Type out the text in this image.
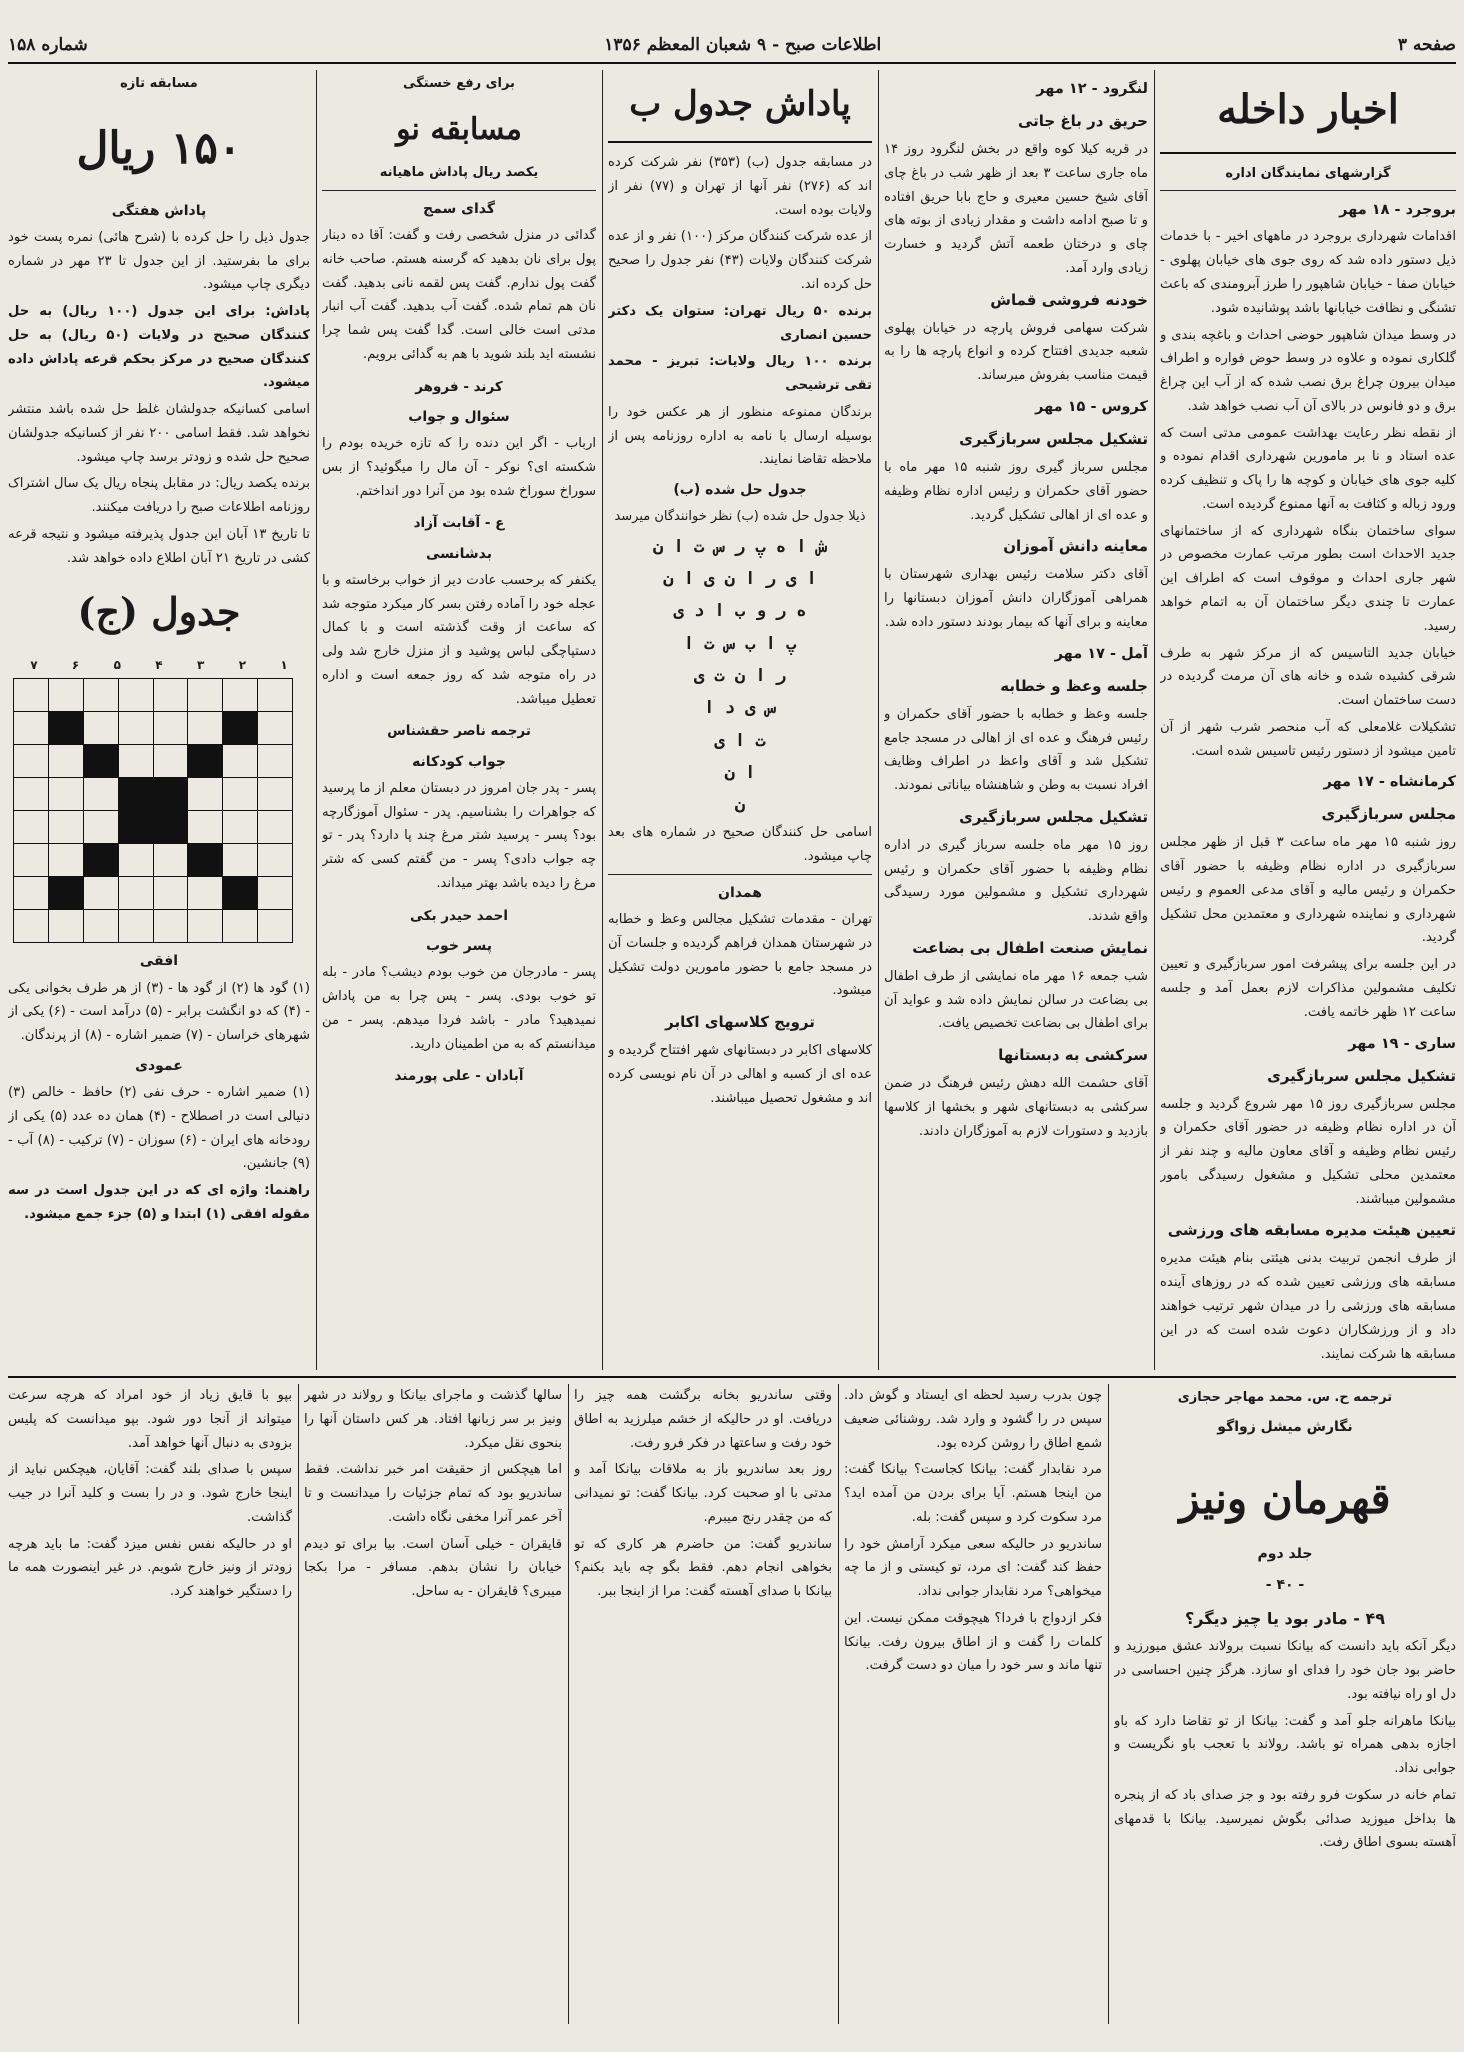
صفحه ۳
اطلاعات صبح - ۹ شعبان المعظم ۱۳۵۶
شماره ۱۵۸
اخبار داخله
گزارشهای نمایندگان اداره
بروجرد - ۱۸ مهر

اقدامات شهرداری بروجرد در ماههای اخیر - با خدمات ذیل دستور داده شد که روی جوی های خیابان پهلوی - خیابان صفا - خیابان شاهپور را طرز آبرومندی که باعث تشنگی و نظافت خیابانها باشد پوشانیده شود.

در وسط میدان شاهپور حوضی احداث و باغچه بندی و گلکاری نموده و علاوه در وسط حوض فواره و اطراف میدان بیرون چراغ برق نصب شده که از آب این چراغ برق و دو فانوس در بالای آن آب نصب خواهد شد.

از نقطه نظر رعایت بهداشت عمومی مدتی است که عده استاد و نا بر مامورین شهرداری اقدام نموده و کلیه جوی های خیابان و کوچه ها را پاک و تنظیف کرده ورود زباله و کثافت به آنها ممنوع گردیده است.

سوای ساختمان بنگاه شهرداری که از ساختمانهای جدید الاحداث است بطور مرتب عمارت مخصوص در شهر جاری احداث و موقوف است که اطراف این عمارت تا چندی دیگر ساختمان آن به اتمام خواهد رسید.

خیابان جدید التاسیس که از مرکز شهر به طرف شرقی کشیده شده و خانه های آن مرمت گردیده در دست ساختمان است.

تشکیلات غلامعلی که آب منحصر شرب شهر از آن تامین میشود از دستور رئیس تاسیس شده است.

کرمانشاه - ۱۷ مهر
مجلس سربازگیری

روز شنبه ۱۵ مهر ماه ساعت ۳ قبل از ظهر مجلس سربازگیری در اداره نظام وظیفه با حضور آقای حکمران و رئیس مالیه و آقای مدعی العموم و رئیس شهرداری و نماینده شهرداری و معتمدین محل تشکیل گردید.

در این جلسه برای پیشرفت امور سربازگیری و تعیین تکلیف مشمولین مذاکرات لازم بعمل آمد و جلسه ساعت ۱۲ ظهر خاتمه یافت.

ساری - ۱۹ مهر
تشکیل مجلس سربازگیری

مجلس سربازگیری روز ۱۵ مهر شروع گردید و جلسه آن در اداره نظام وظیفه در حضور آقای حکمران و رئیس نظام وظیفه و آقای معاون مالیه و چند نفر از معتمدین محلی تشکیل و مشغول رسیدگی بامور مشمولین میباشند.

تعیین هیئت مدیره مسابقه های ورزشی

از طرف انجمن تربیت بدنی هیئتی بنام هیئت مدیره مسابقه های ورزشی تعیین شده که در روزهای آینده مسابقه های ورزشی را در میدان شهر ترتیب خواهند داد و از ورزشکاران دعوت شده است که در این مسابقه ها شرکت نمایند.

لنگرود - ۱۲ مهر
حریق در باغ جاتی

در قریه کیلا کوه واقع در بخش لنگرود روز ۱۴ ماه جاری ساعت ۳ بعد از ظهر شب در باغ چای آقای شیخ حسین معیری و حاج بابا حریق افتاده و تا صبح ادامه داشت و مقدار زیادی از بوته های چای و درختان طعمه آتش گردید و خسارت زیادی وارد آمد.

خودنه فروشی قماش

شرکت سهامی فروش پارچه در خیابان پهلوی شعبه جدیدی افتتاح کرده و انواع پارچه ها را به قیمت مناسب بفروش میرساند.

کروس - ۱۵ مهر
تشکیل مجلس سربازگیری

مجلس سرباز گیری روز شنبه ۱۵ مهر ماه با حضور آقای حکمران و رئیس اداره نظام وظیفه و عده ای از اهالی تشکیل گردید.

معاینه دانش آموزان

آقای دکتر سلامت رئیس بهداری شهرستان با همراهی آموزگاران دانش آموزان دبستانها را معاینه و برای آنها که بیمار بودند دستور داده شد.

آمل - ۱۷ مهر
جلسه وعظ و خطابه

جلسه وعظ و خطابه با حضور آقای حکمران و رئیس فرهنگ و عده ای از اهالی در مسجد جامع تشکیل شد و آقای واعظ در اطراف وظایف افراد نسبت به وطن و شاهنشاه بیاناتی نمودند.

تشکیل مجلس سربازگیری

روز ۱۵ مهر ماه جلسه سرباز گیری در اداره نظام وظیفه با حضور آقای حکمران و رئیس شهرداری تشکیل و مشمولین مورد رسیدگی واقع شدند.

نمایش صنعت اطفال بی بضاعت

شب جمعه ۱۶ مهر ماه نمایشی از طرف اطفال بی بضاعت در سالن نمایش داده شد و عواید آن برای اطفال بی بضاعت تخصیص یافت.

سرکشی به دبستانها

آقای حشمت الله دهش رئیس فرهنگ در ضمن سرکشی به دبستانهای شهر و بخشها از کلاسها بازدید و دستورات لازم به آموزگاران دادند.

پاداش جدول ب

در مسابقه جدول (ب) (۳۵۳) نفر شرکت کرده اند که (۲۷۶) نفر آنها از تهران و (۷۷) نفر از ولایات بوده است.

از عده شرکت کنندگان مرکز (۱۰۰) نفر و از عده شرکت کنندگان ولایات (۴۳) نفر جدول را صحیح حل کرده اند.

برنده ۵۰ ریال تهران: ستوان یک دکتر حسین انصاری

برنده ۱۰۰ ریال ولایات: تبریز - محمد تقی ترشیحی

برندگان ممنوعه منظور از هر عکس خود را بوسیله ارسال با نامه به اداره روزنامه پس از ملاحظه تقاضا نمایند.

جدول حل شده (ب)
ذیلا جدول حل شده (ب) نظر خوانندگان میرسد
ش ا ه پ ر س ت ا ن
ا ی ر ا ن ی ا ن
ه ر و ب ا د ی
پ ا ب س ت ا
ر ا ن ت ی
س ی د ا
ت ا ی
ا ن
ن

اسامی حل کنندگان صحیح در شماره های بعد چاپ میشود.

همدان

تهران - مقدمات تشکیل مجالس وعظ و خطابه در شهرستان همدان فراهم گردیده و جلسات آن در مسجد جامع با حضور مامورین دولت تشکیل میشود.

ترویج کلاسهای اکابر

کلاسهای اکابر در دبستانهای شهر افتتاح گردیده و عده ای از کسبه و اهالی در آن نام نویسی کرده اند و مشغول تحصیل میباشند.

برای رفع خستگی
مسابقه نو
یکصد ریال پاداش ماهیانه
گدای سمج

گدائی در منزل شخصی رفت و گفت: آقا ده دینار پول برای نان بدهید که گرسنه هستم. صاحب خانه گفت پول ندارم. گفت پس لقمه نانی بدهید. گفت نان هم تمام شده. گفت آب بدهید. گفت آب انبار مدتی است خالی است. گدا گفت پس شما چرا نشسته اید بلند شوید با هم به گدائی برویم.

کرند - فروهر
سئوال و جواب

ارباب - اگر این دنده را که تازه خریده بودم را شکسته ای؟ نوکر - آن مال را میگوئید؟ از بس سوراخ سوراخ شده بود من آنرا دور انداختم.

ع - آقابت آزاد
بدشانسی

یکنفر که برحسب عادت دیر از خواب برخاسته و با عجله خود را آماده رفتن بسر کار میکرد متوجه شد که ساعت از وقت گذشته است و با کمال دستپاچگی لباس پوشید و از منزل خارج شد ولی در راه متوجه شد که روز جمعه است و اداره تعطیل میباشد.

ترجمه ناصر حقشناس
جواب کودکانه

پسر - پدر جان امروز در دبستان معلم از ما پرسید که جواهرات را بشناسیم. پدر - سئوال آموزگارچه بود؟ پسر - پرسید شتر مرغ چند پا دارد؟ پدر - تو چه جواب دادی؟ پسر - من گفتم کسی که شتر مرغ را دیده باشد بهتر میداند.

احمد حیدر بکی
پسر خوب

پسر - مادرجان من خوب بودم دیشب؟ مادر - بله تو خوب بودی. پسر - پس چرا به من پاداش نمیدهید؟ مادر - باشد فردا میدهم. پسر - من میدانستم که به من اطمینان دارید.

آبادان - علی پورمند
مسابقه تازه
۱۵۰ ریال
پاداش هفتگی

جدول ذیل را حل کرده با (شرح هائی) نمره پست خود برای ما بفرستید. از این جدول تا ۲۳ مهر در شماره دیگری چاپ میشود.

پاداش: برای این جدول (۱۰۰ ریال) به حل کنندگان صحیح در ولایات (۵۰ ریال) به حل کنندگان صحیح در مرکز بحکم قرعه پاداش داده میشود.

اسامی کسانیکه جدولشان غلط حل شده باشد منتشر نخواهد شد. فقط اسامی ۲۰۰ نفر از کسانیکه جدولشان صحیح حل شده و زودتر برسد چاپ میشود.

برنده یکصد ریال: در مقابل پنجاه ریال یک سال اشتراک روزنامه اطلاعات صبح را دریافت میکنند.

تا تاریخ ۱۳ آبان این جدول پذیرفته میشود و نتیجه قرعه کشی در تاریخ ۲۱ آبان اطلاع داده خواهد شد.

جدول (ج)
۷	۶	۵	۴	۳	۲	۱

افقی

(۱) گود ها (۲) از گود ها - (۳) از هر طرف بخوانی یکی - (۴) که دو انگشت برابر - (۵) درآمد است - (۶) یکی از شهرهای خراسان - (۷) ضمیر اشاره - (۸) از پرندگان.

عمودی

(۱) ضمیر اشاره - حرف نفی (۲) حافظ - خالص (۳) دنیالی است در اصطلاح - (۴) همان ده عدد (۵) یکی از رودخانه های ایران - (۶) سوزان - (۷) ترکیب - (۸) آب - (۹) جانشین.

راهنما: واژه ای که در این جدول است در سه مقوله افقی (۱) ابتدا و (۵) جزء جمع میشود.

ترجمه ح. س. محمد مهاجر حجازی
نگارش میشل زواگو
قهرمان ونیز
جلد دوم
- ۴۰ -
۴۹ - مادر بود یا چیز دیگر؟

دیگر آنکه باید دانست که بیانکا نسبت برولاند عشق میورزید و حاضر بود جان خود را فدای او سازد. هرگز چنین احساسی در دل او راه نیافته بود.

بیانکا ماهرانه جلو آمد و گفت: بیانکا از تو تقاضا دارد که باو اجازه بدهی همراه تو باشد. رولاند با تعجب باو نگریست و جوابی نداد.

تمام خانه در سکوت فرو رفته بود و جز صدای باد که از پنجره ها بداخل میوزید صدائی بگوش نمیرسید. بیانکا با قدمهای آهسته بسوی اطاق رفت.

چون بدرب رسید لحظه ای ایستاد و گوش داد. سپس در را گشود و وارد شد. روشنائی ضعیف شمع اطاق را روشن کرده بود.

مرد نقابدار گفت: بیانکا کجاست؟ بیانکا گفت: من اینجا هستم. آیا برای بردن من آمده اید؟ مرد سکوت کرد و سپس گفت: بله.

ساندریو در حالیکه سعی میکرد آرامش خود را حفظ کند گفت: ای مرد، تو کیستی و از ما چه میخواهی؟ مرد نقابدار جوابی نداد.

فکر ازدواج با فردا؟ هیچوقت ممکن نیست. این کلمات را گفت و از اطاق بیرون رفت. بیانکا تنها ماند و سر خود را میان دو دست گرفت.

وقتی ساندریو بخانه برگشت همه چیز را دریافت. او در حالیکه از خشم میلرزید به اطاق خود رفت و ساعتها در فکر فرو رفت.

روز بعد ساندریو باز به ملاقات بیانکا آمد و مدتی با او صحبت کرد. بیانکا گفت: تو نمیدانی که من چقدر رنج میبرم.

ساندریو گفت: من حاضرم هر کاری که تو بخواهی انجام دهم. فقط بگو چه باید بکنم؟ بیانکا با صدای آهسته گفت: مرا از اینجا ببر.

سالها گذشت و ماجرای بیانکا و رولاند در شهر ونیز بر سر زبانها افتاد. هر کس داستان آنها را بنحوی نقل میکرد.

اما هیچکس از حقیقت امر خبر نداشت. فقط ساندریو بود که تمام جزئیات را میدانست و تا آخر عمر آنرا مخفی نگاه داشت.

قایقران - خیلی آسان است. بیا برای تو دیدم خیابان را نشان بدهم. مسافر - مرا بکجا میبری؟ قایقران - به ساحل.

بپو با قایق زیاد از خود امراد که هرچه سرعت میتواند از آنجا دور شود. بپو میدانست که پلیس بزودی به دنبال آنها خواهد آمد.

سپس با صدای بلند گفت: آقایان، هیچکس نباید از اینجا خارج شود. و در را بست و کلید آنرا در جیب گذاشت.

او در حالیکه نفس نفس میزد گفت: ما باید هرچه زودتر از ونیز خارج شویم. در غیر اینصورت همه ما را دستگیر خواهند کرد.
